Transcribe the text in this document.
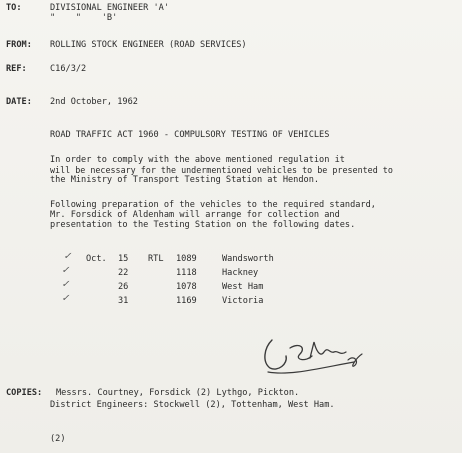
TO:	DIVISIONAL ENGINEER 'A'
"    "    'B'
FROM: ROLLING STOCK ENGINEER (ROAD SERVICES)
REF:	C16/3/2
DATE: 2nd October, 1962
ROAD TRAFFIC ACT 1960 - COMPULSORY TESTING OF VEHICLES
In order to comply with the above mentioned regulation it
will be necessary for the undermentioned vehicles to be presented to
the Ministry of Transport Testing Station at Hendon.
Following preparation of the vehicles to the required standard,
Mr. Forsdick of Aldenham will arrange for collection and
presentation to the Testing Station on the following dates.
✓ Oct. 15 RTL 1089	Wandsworth
✓	22	1118	Hackney
✓	26	1078	West Ham
✓	31	1169	Victoria
COPIES: Messrs. Courtney, Forsdick (2) Lythgo, Pickton.
District Engineers: Stockwell (2), Tottenham, West Ham.
(2)
